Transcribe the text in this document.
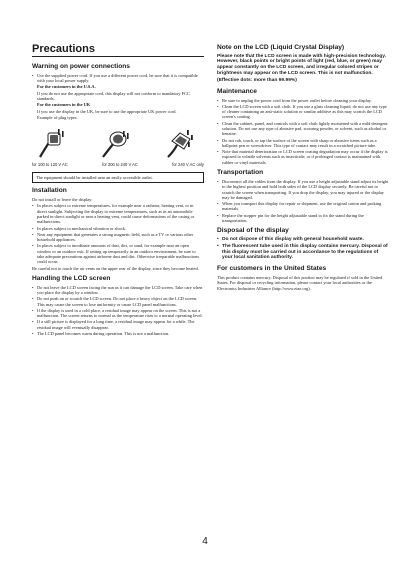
Precautions
Warning on power connections
• Use the supplied power cord. If you use a different power cord, be sure that it is compatible with your local power supply.

For the customers in the U.S.A.

If you do not use the appropriate cord, this display will not conform to mandatory FCC standards.

For the customers in the UK

If you use the display in the UK, be sure to use the appropriate UK power cord.

Example of plug types

for 100 to 120 V AC	for 200 to 240 V AC	for 240 V AC only
The equipment should be installed near an easily accessible outlet.
Installation

Do not install or leave the display:

• In places subject to extreme temperatures, for example near a radiator, heating vent, or in direct sunlight. Subjecting the display to extreme temperatures, such as in an automobile parked in direct sunlight or near a heating vent, could cause deformations of the casing or malfunctions.
• In places subject to mechanical vibration or shock.
• Near any equipment that generates a strong magnetic field, such as a TV or various other household appliances.
• In places subject to inordinate amounts of dust, dirt, or sand, for example near an open window or an outdoor exit. If setting up temporarily in an outdoor environment, be sure to take adequate precautions against airborne dust and dirt. Otherwise irreparable malfunctions could occur.

Be careful not to touch the air vents on the upper rear of the display, since they become heated.

Handling the LCD screen
• Do not leave the LCD screen facing the sun as it can damage the LCD screen. Take care when you place the display by a window.
• Do not push on or scratch the LCD screen. Do not place a heavy object on the LCD screen. This may cause the screen to lose uniformity or cause LCD panel malfunctions.
• If the display is used in a cold place, a residual image may appear on the screen. This is not a malfunction. The screen returns to normal as the temperature rises to a normal operating level.
• If a still picture is displayed for a long time, a residual image may appear for a while. The residual image will eventually disappear.
• The LCD panel becomes warm during operation. This is not a malfunction.
Note on the LCD (Liquid Crystal Display)

Please note that the LCD screen is made with high-precision technology. However, black points or bright points of light (red, blue, or green) may appear constantly on the LCD screen, and irregular colored stripes or brightness may appear on the LCD screen. This is not malfunction.

(Effective dots: more than 99.99%)

Maintenance
• Be sure to unplug the power cord from the power outlet before cleaning your display.
• Clean the LCD screen with a soft cloth. If you use a glass cleaning liquid, do not use any type of cleaner containing an anti-static solution or similar additive as this may scratch the LCD screen's coating.
• Clean the cabinet, panel, and controls with a soft cloth lightly moistened with a mild detergent solution. Do not use any type of abrasive pad, scouring powder, or solvent, such as alcohol or benzine.
• Do not rub, touch, or tap the surface of the screen with sharp or abrasive items such as a ballpoint pen or screwdriver. This type of contact may result in a scratched picture tube.
• Note that material deterioration or LCD screen coating degradation may occur if the display is exposed to volatile solvents such as insecticide, or if prolonged contact is maintained with rubber or vinyl materials.
Transportation
• Disconnect all the cables from the display. If you use a height adjustable stand adjust its height to the highest position and hold both sides of the LCD display securely. Be careful not to scratch the screen when transporting. If you drop the display, you may injured or the display may be damaged.
• When you transport this display for repair or shipment, use the original carton and packing materials.
• Replace the stopper pin for the height adjustable stand to fix the stand during the transportation.
Disposal of the display
• Do not dispose of this display with general household waste.
• The fluorescent tube used in this display contains mercury. Disposal of this display must be carried out in accordance to the regulations of your local sanitation authority.
For customers in the United States

This product contains mercury. Disposal of this product may be regulated if sold in the United States. For disposal or recycling information, please contact your local authorities or the Electronics Industries Alliance (http://www.eiae.org).

4
